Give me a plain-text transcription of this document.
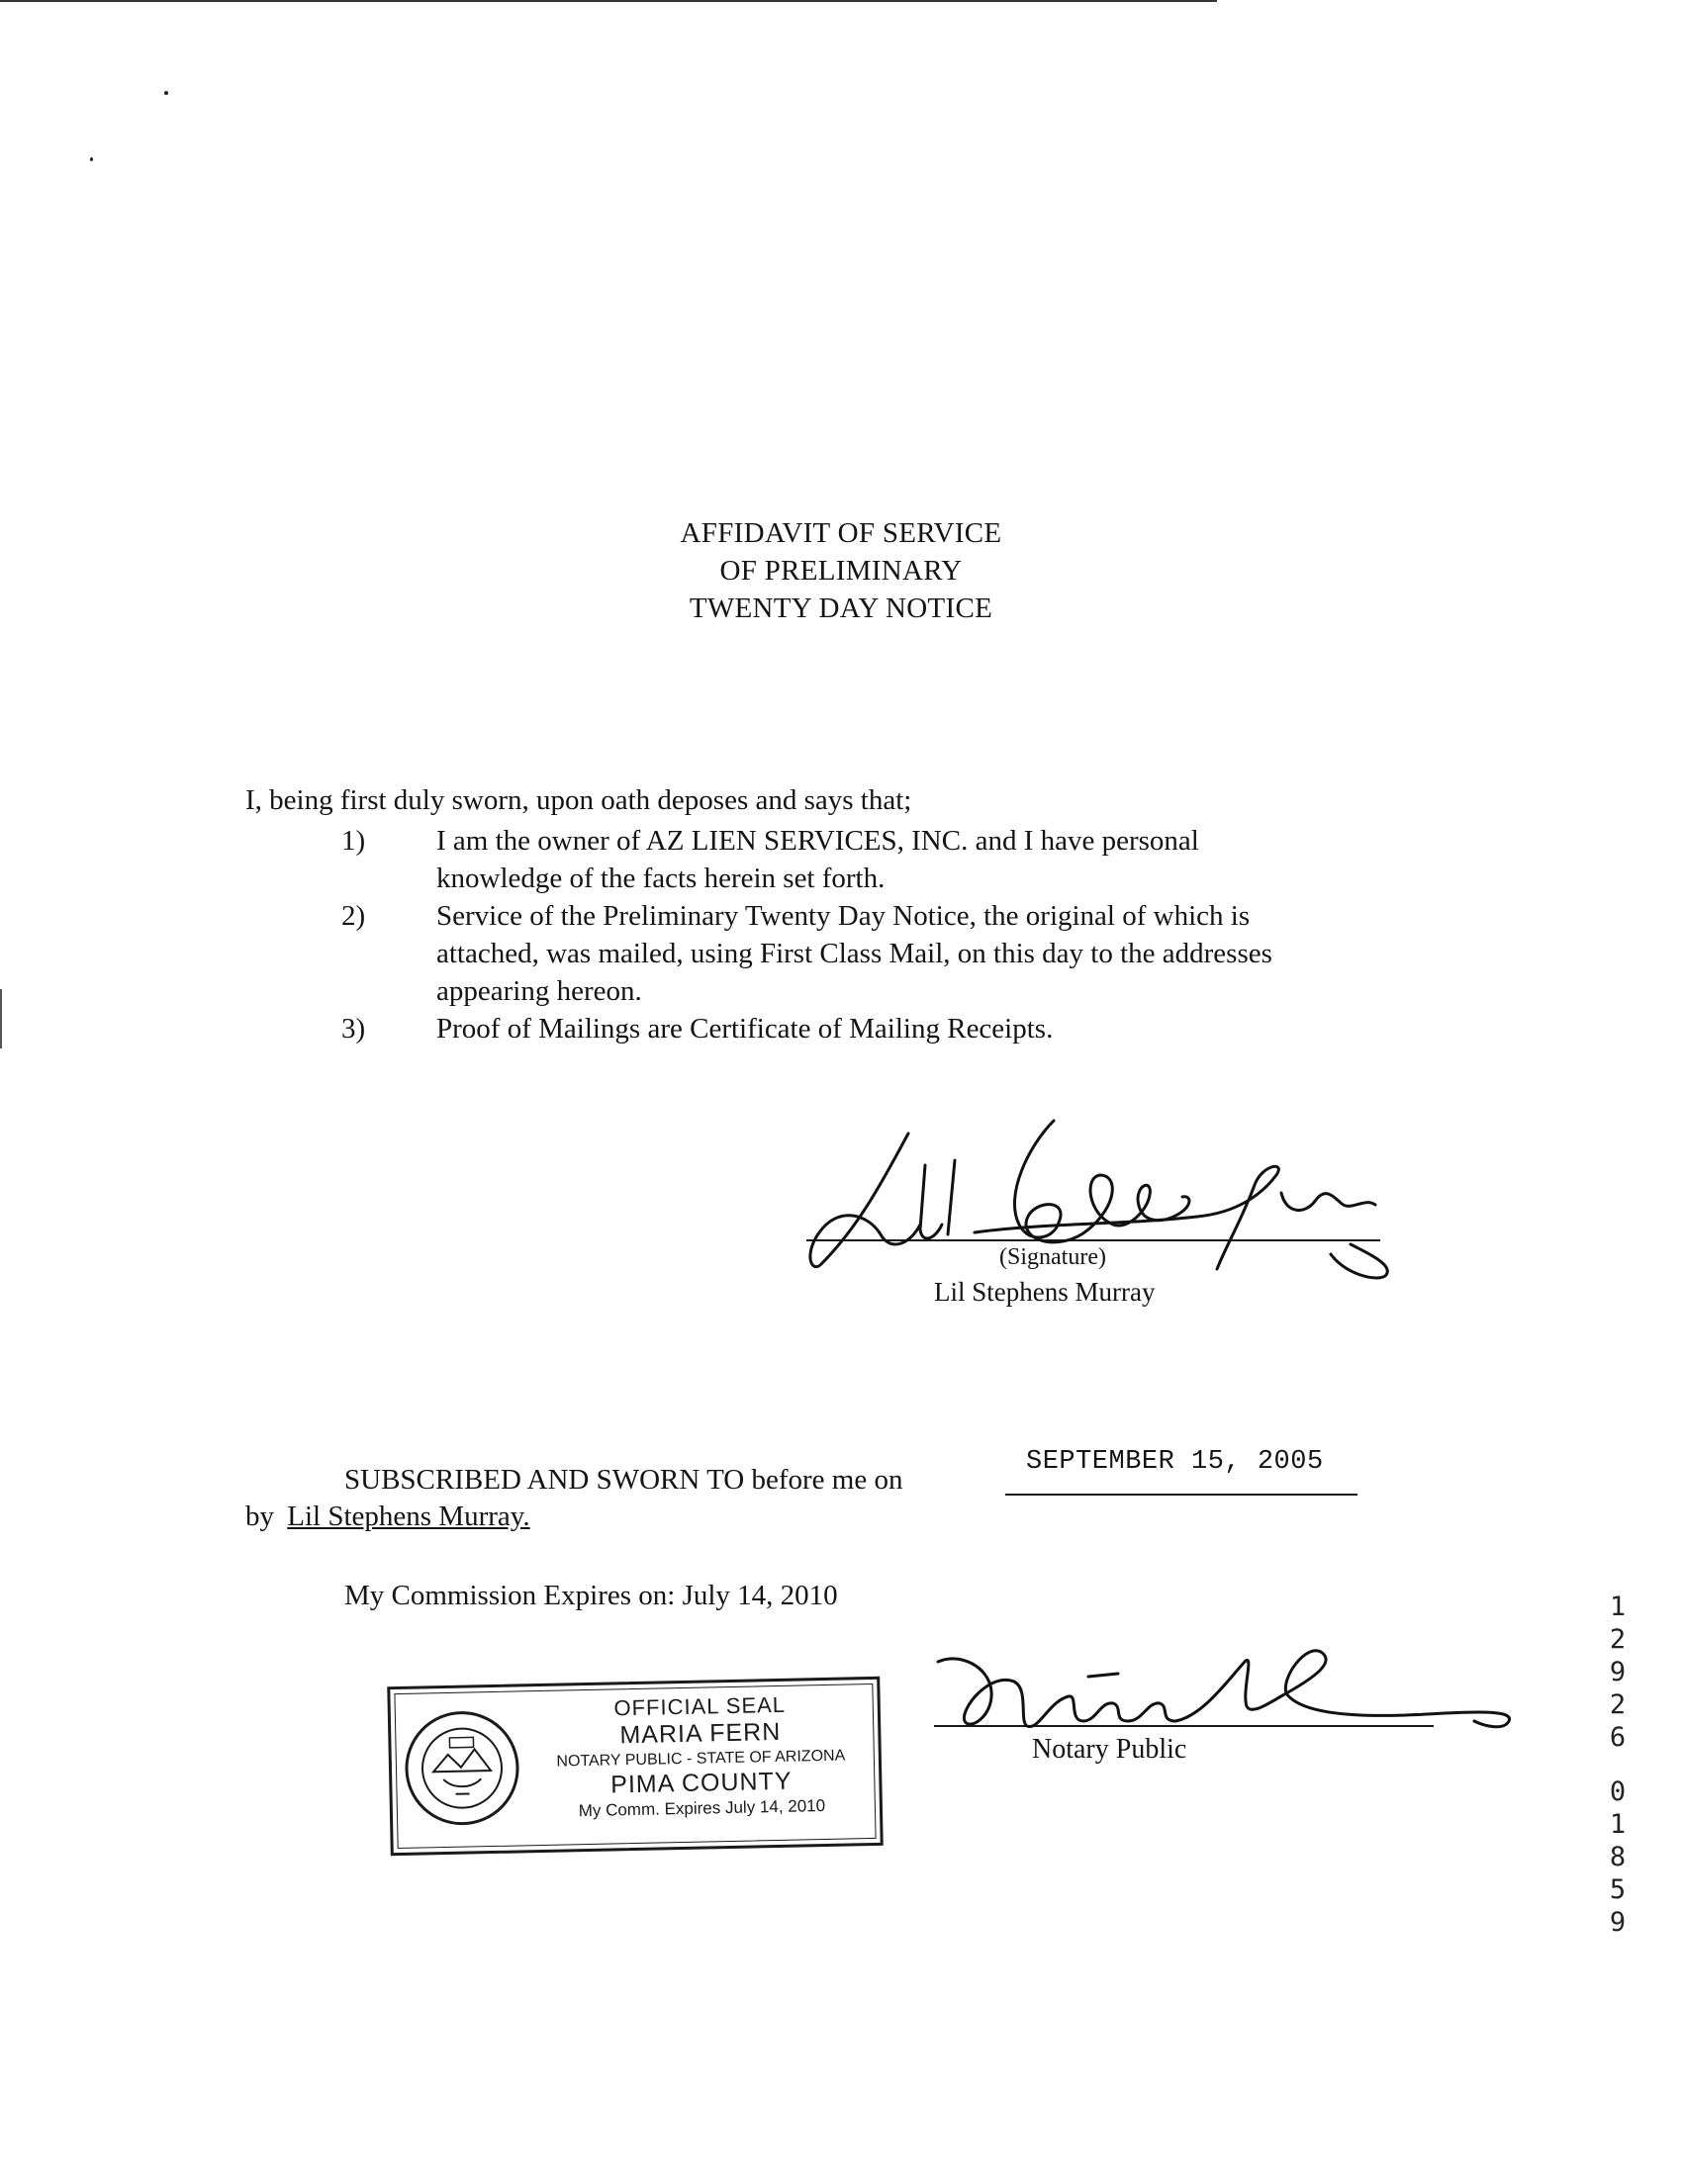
AFFIDAVIT OF SERVICE
OF PRELIMINARY
TWENTY DAY NOTICE
I, being first duly sworn, upon oath deposes and says that;
1)	I am the owner of AZ LIEN SERVICES, INC. and I have personal
knowledge of the facts herein set forth.
2)	Service of the Preliminary Twenty Day Notice, the original of which is
attached, was mailed, using First Class Mail, on this day to the addresses
appearing hereon.
3)	Proof of Mailings are Certificate of Mailing Receipts.
(Signature)
Lil Stephens Murray
SUBSCRIBED AND SWORN TO before me on
SEPTEMBER 15, 2005
by Lil Stephens Murray.
My Commission Expires on: July 14, 2010
Notary Public
OFFICIAL SEAL
MARIA FERN
NOTARY PUBLIC - STATE OF ARIZONA
PIMA COUNTY
My Comm. Expires July 14, 2010
1
2
9
2
6
0
1
8
5
9
